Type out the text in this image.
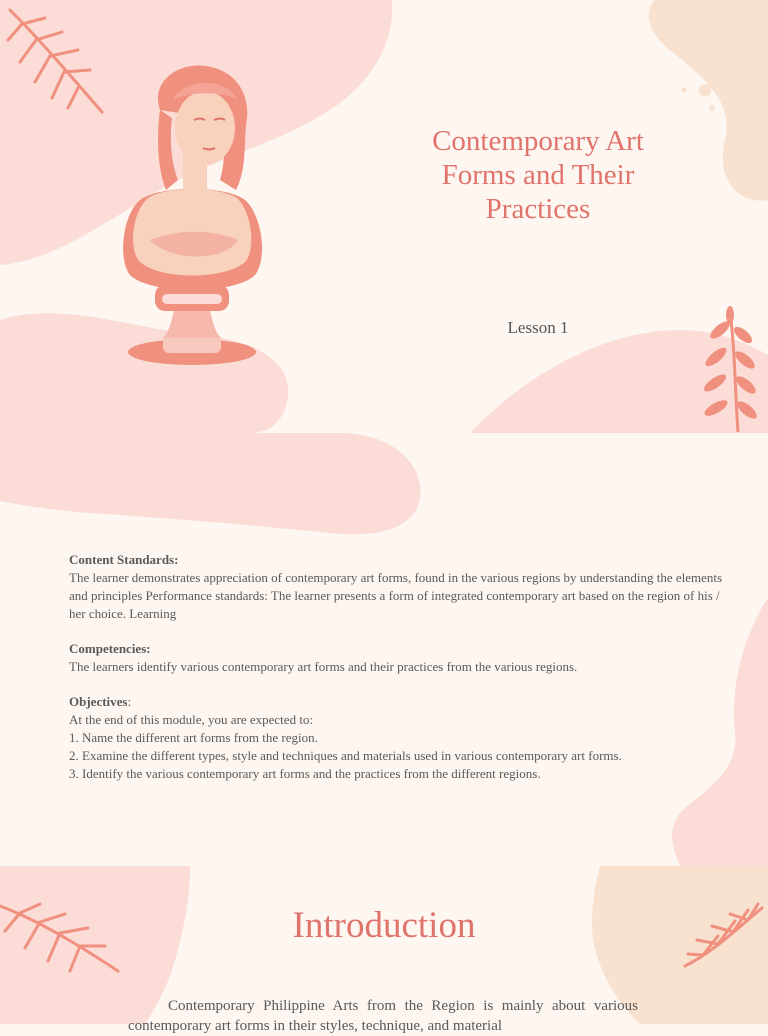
Contemporary Art
Forms and Their
Practices
Lesson 1
Content Standards:

The learner demonstrates appreciation of contemporary art forms, found in the various regions by understanding the elements and principles Performance standards: The learner presents a form of integrated contemporary art based on the region of his / her choice. Learning

Competencies:

The learners identify various contemporary art forms and their practices from the various regions.

Objectives:

At the end of this module, you are expected to:

1. Name the different art forms from the region.

2. Examine the different types, style and techniques and materials used in various contemporary art forms.

3. Identify the various contemporary art forms and the practices from the different regions.

Introduction

Contemporary Philippine Arts from the Region is mainly about various contemporary art forms in their styles, technique, and material
